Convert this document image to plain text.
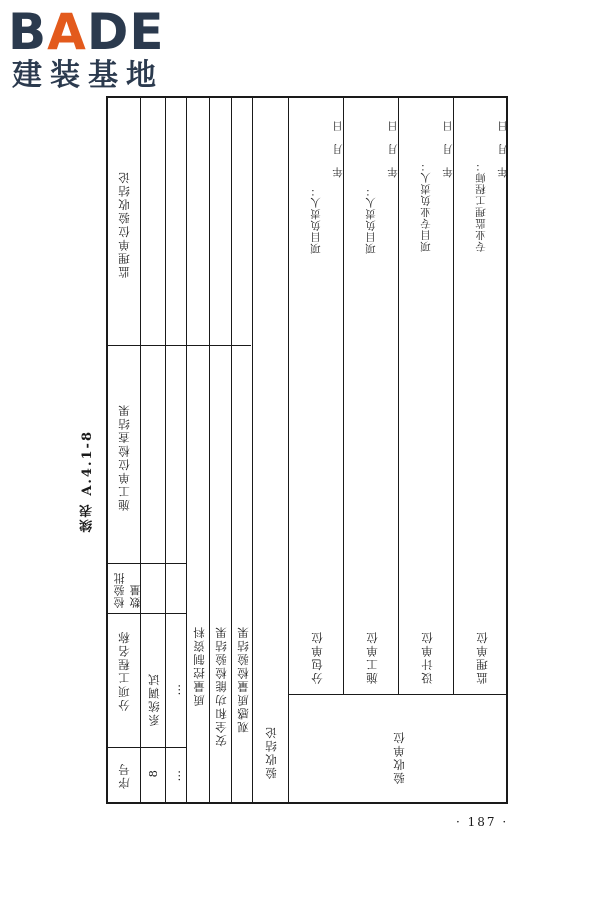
BADE
建装基地
续表 A.4.1-8
监理单位验收结论
施工单位检查结果
检验批数量
分项工程名称
序号
系统调试
8
…
…
质量控制资料 安全和功能检验结果 观感质量检验结果
验收结论	验收单位
分包单位
项目负责人：
年　月　日
施工单位
项目负责人：
年　月　日
设计单位
项目专业负责人：
年　月　日
监理单位
专业监理工程师：
年　月　日
· 187 ·
